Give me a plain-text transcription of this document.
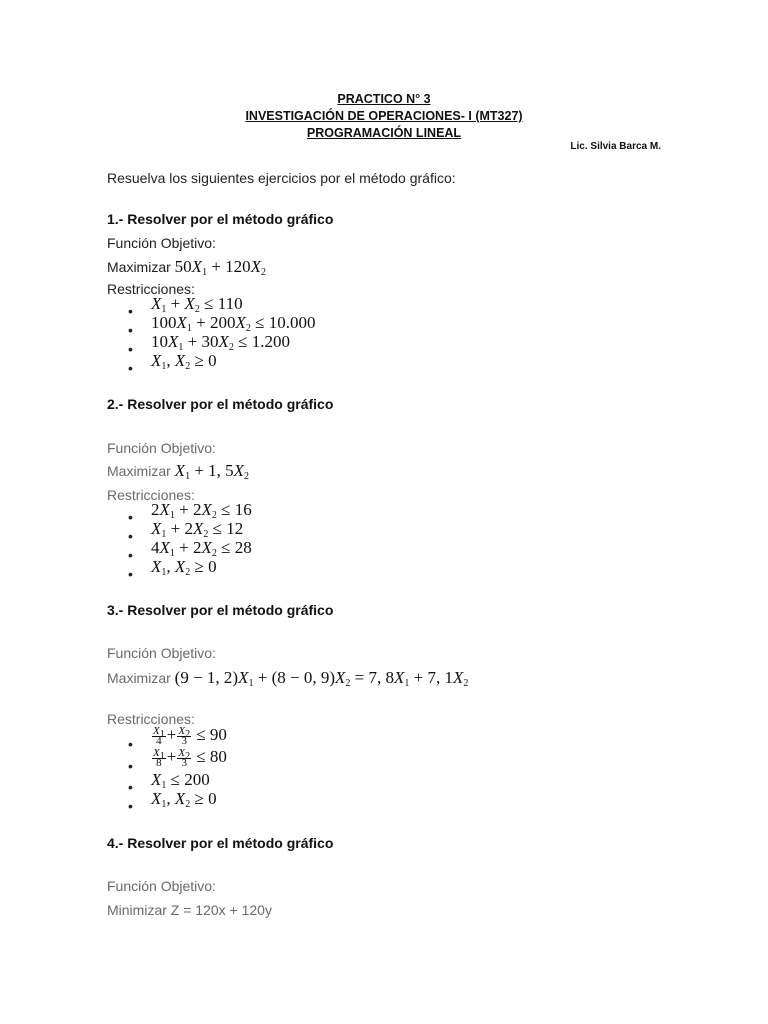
PRACTICO N° 3
INVESTIGACIÓN DE OPERACIONES- I (MT327)
PROGRAMACIÓN LINEAL
Lic. Silvia Barca M.
Resuelva los siguientes ejercicios por el método gráfico:
1.- Resolver por el método gráfico
Función Objetivo:
Maximizar $50X_1 + 120X_2$
Restricciones:
• $X_1 + X_2 \le 110$
• $100X_1 + 200X_2 \le 10.000$
• $10X_1 + 30X_2 \le 1.200$
• $X_1$, $X_2 \ge 0$
2.- Resolver por el método gráfico
Función Objetivo:
Maximizar $X_1 + 1$, $5X_2$
Restricciones:
• $2X_1 + 2X_2 \le 16$
• $X_1 + 2X_2 \le 12$
• $4X_1 + 2X_2 \le 28$
• $X_1$, $X_2 \ge 0$
3.- Resolver por el método gráfico
Función Objetivo:
Maximizar (9 − 1, $2)X_1 + (8 - 0$, $9)X_2 = 7$, $8X_1 + 7$, $1X_2$
Restricciones:
• $\frac{X_1}{4} + \frac{X_2}{3} \le 90$
• $\frac{X_1}{8} + \frac{X_2}{3} \le 80$
• $X_1 \le 200$
• $X_1$, $X_2 \ge 0$
4.- Resolver por el método gráfico
Función Objetivo:
Minimizar Z = 120x + 120y
